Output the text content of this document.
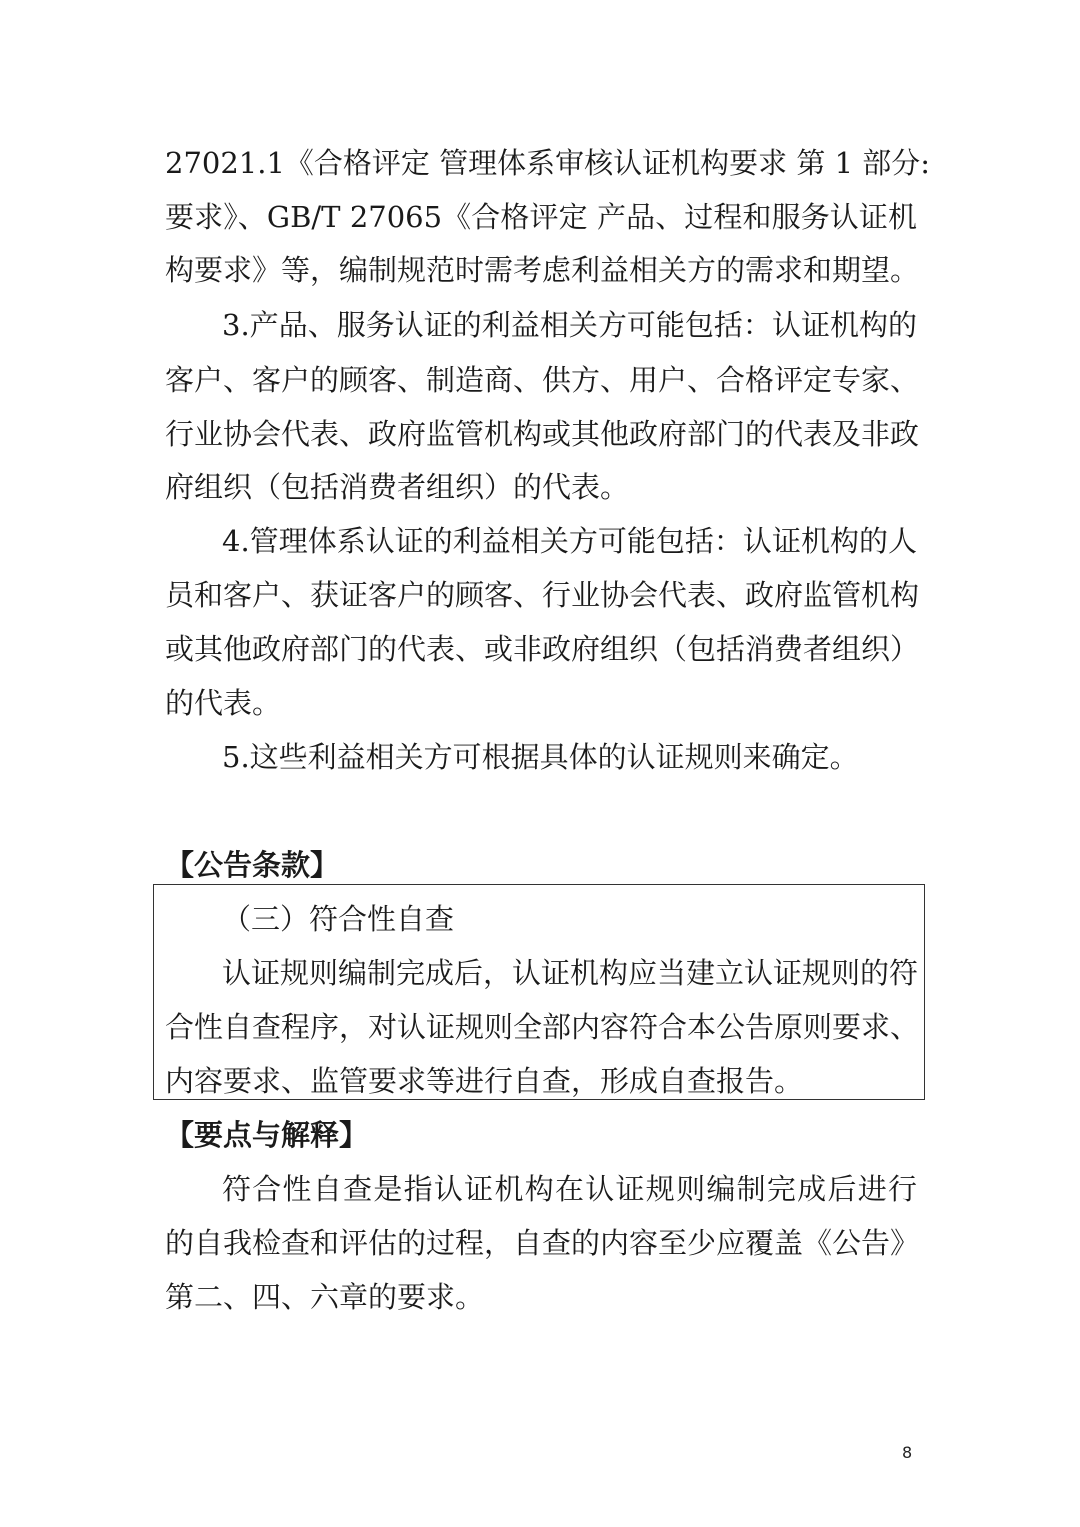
27021.1《合格评定 管理体系审核认证机构要求 第 1 部分:
要求》、GB/T 27065《合格评定 产品、过程和服务认证机
构要求》等，编制规范时需考虑利益相关方的需求和期望。
3.产品、服务认证的利益相关方可能包括：认证机构的
客户、客户的顾客、制造商、供方、用户、合格评定专家、
行业协会代表、政府监管机构或其他政府部门的代表及非政
府组织（包括消费者组织）的代表。
4.管理体系认证的利益相关方可能包括：认证机构的人
员和客户、获证客户的顾客、行业协会代表、政府监管机构
或其他政府部门的代表、或非政府组织（包括消费者组织）
的代表。
5.这些利益相关方可根据具体的认证规则来确定。
【公告条款】
（三）符合性自查
认证规则编制完成后，认证机构应当建立认证规则的符
合性自查程序，对认证规则全部内容符合本公告原则要求、
内容要求、监管要求等进行自查，形成自查报告。
【要点与解释】
符合性自查是指认证机构在认证规则编制完成后进行
的自我检查和评估的过程，自查的内容至少应覆盖《公告》
第二、四、六章的要求。
8
